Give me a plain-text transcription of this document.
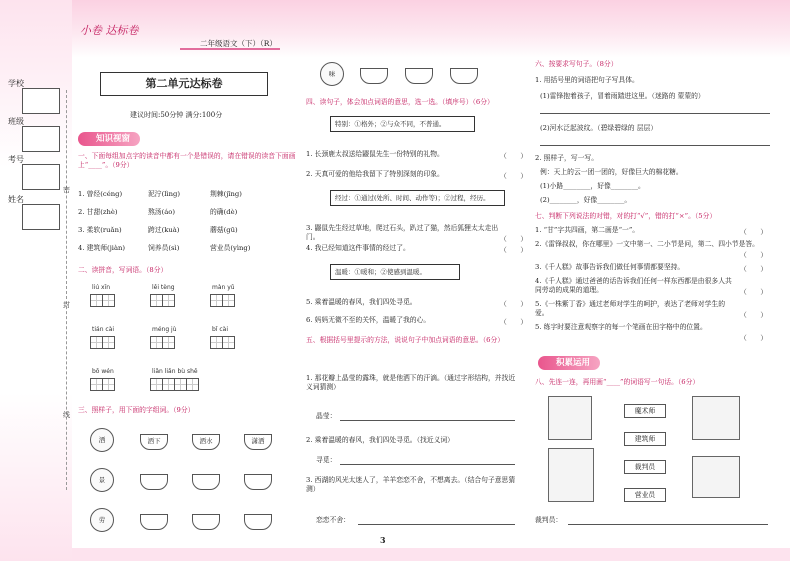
学校
班级
考号
姓名
密
封
线
小卷 达标卷
二年级语文（下）（R）
第二单元达标卷
建议时间:50分钟 满分:100分
知识视窗
一、下面每组加点字的读音中都有一个是错误的，请在错误的读音下面画上“____”。（9分）
1. 曾经(céng)	泥泞(lìng)	荆棘(jīng)
2. 甘甜(zhè)	熬汤(áo)	的确(dè)
3. 柔软(ruǎn)	跨过(kuà)	蘑菇(gū)
4. 建筑师(jiàn)	饲养员(sì)	营业员(yìng)
二、读拼音，写词语。（8分）
liú xīn	lěi tèng	màn yǔ
tián cài	méng jù	bǐ cài
bō wén	liǎn liǎn bù shě
三、照样子，用下面的字组词。（9分）
洒	洒下	洒水	潇洒
景
劳
味
四、读句子，体会加点词语的意思，选一选。（填序号）（6分）
特别：①格外；②与众不同，不普通。
1. 长颈鹿太叔送给鼹鼠先生一份特别的礼物。	（　　）
2. 天真可爱的他给我留下了特别深刻的印象。	（　　）
经过：①通过(处所、时间、动作等)；②过程，经历。
3. 鼹鼠先生经过草地，爬过石头，趴过了猫，然后狐狸太太走出门。	（　　）
4. 我已经知道这件事情的经过了。	（　　）
温暖：①暖和；②使感到温暖。
5. 乘着温暖的春风，我们四处寻觅。	（　　）
6. 妈妈无微不至的关怀，温暖了我的心。	（　　）
五、根据括号里提示的方法，说说句子中加点词语的意思。（6分）
1. 那花瓣上晶莹的露珠，就是他洒下的汗滴。（通过字形结构，并找近义词猜测）
晶莹：
2. 乘着温暖的春风，我们四处寻觅。（找近义词）
寻觅：
3. 西湖的风光太迷人了，羊羊恋恋不舍，不想离去。（结合句子意思猜测）
恋恋不舍：
六、按要求写句子。（8分）
1. 用括号里的词语把句子写具体。
(1)雷锋抱着孩子，冒着雨踏进这里。（迷路的 蒙蒙的）
(2)河水泛起波纹。（碧绿碧绿的 层层）
2. 照样子，写一写。
例：天上的云一团一团的，好像巨大的棉花糖。
(1)小路________，好像________。
(2)________，好像________。
七、判断下列说法的对错，对的打“√”，错的打“×”。（5分）
1. “甘”字共四画，第二画是“一”。	（　　）
2.《雷锋叔叔，你在哪里》一文中第一、二小节是问，第二、四小节是答。
（　　）
3.《千人糕》故事告诉我们做任何事情都要坚持。	（　　）
4.《千人糕》通过爸爸的话告诉我们任何一样东西都是由很多人共同劳动的成果的道理。	（　　）
5.《一株紫丁香》通过老师对学生的呵护，表达了老师对学生的爱。	（　　）
5. 练字时要注意观察字的每一个笔画在田字格中的位置。
（　　）
积累运用
八、先连一连，再用画“____”的词语写一句话。（6分）
魔术师
建筑师
裁判员
营业员
裁判员：
3
